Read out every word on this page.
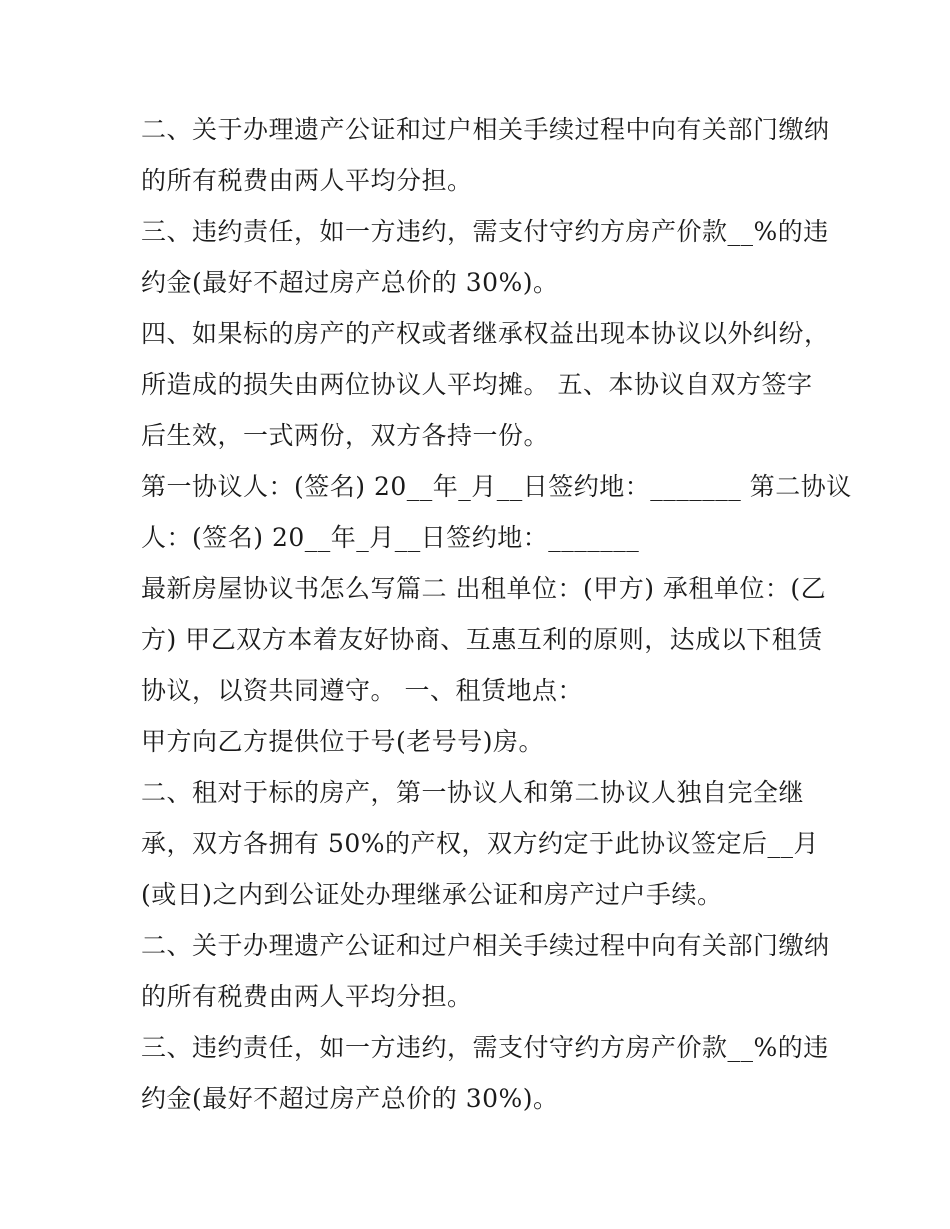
二、关于办理遗产公证和过户相关手续过程中向有关部门缴纳
的所有税费由两人平均分担。
三、违约责任，如一方违约，需支付守约方房产价款__%的违
约金(最好不超过房产总价的 30%)。
四、如果标的房产的产权或者继承权益出现本协议以外纠纷，
所造成的损失由两位协议人平均摊。 五、本协议自双方签字
后生效，一式两份，双方各持一份。
第一协议人：(签名) 20__年_月__日签约地：_______ 第二协议
人：(签名) 20__年_月__日签约地：_______
最新房屋协议书怎么写篇二 出租单位：(甲方) 承租单位：(乙
方) 甲乙双方本着友好协商、互惠互利的原则，达成以下租赁
协议，以资共同遵守。 一、租赁地点：
甲方向乙方提供位于号(老号号)房。
二、租对于标的房产，第一协议人和第二协议人独自完全继
承，双方各拥有 50%的产权，双方约定于此协议签定后__月
(或日)之内到公证处办理继承公证和房产过户手续。
二、关于办理遗产公证和过户相关手续过程中向有关部门缴纳
的所有税费由两人平均分担。
三、违约责任，如一方违约，需支付守约方房产价款__%的违
约金(最好不超过房产总价的 30%)。
